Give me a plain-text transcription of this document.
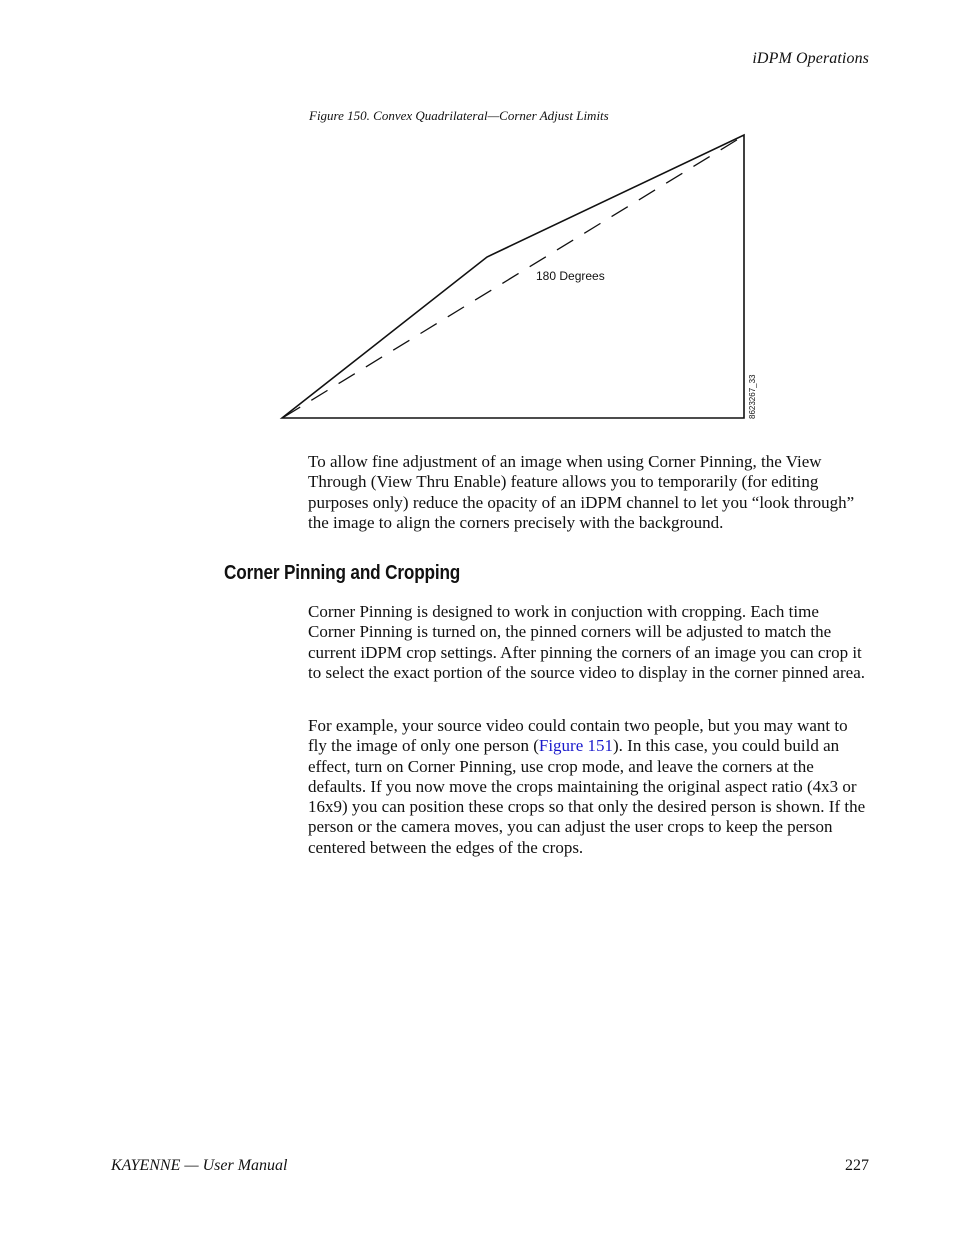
iDPM Operations
Figure 150. Convex Quadrilateral—Corner Adjust Limits
180 Degrees
8623267_33

To allow fine adjustment of an image when using Corner Pinning, the View Through (View Thru Enable) feature allows you to temporarily (for editing purposes only) reduce the opacity of an iDPM channel to let you “look through” the image to align the corners precisely with the background.

Corner Pinning and Cropping

Corner Pinning is designed to work in conjuction with cropping. Each time Corner Pinning is turned on, the pinned corners will be adjusted to match the current iDPM crop settings. After pinning the corners of an image you can crop it to select the exact portion of the source video to display in the corner pinned area.

For example, your source video could contain two people, but you may want to fly the image of only one person (Figure 151). In this case, you could build an effect, turn on Corner Pinning, use crop mode, and leave the corners at the defaults. If you now move the crops maintaining the original aspect ratio (4x3 or 16x9) you can position these crops so that only the desired person is shown. If the person or the camera moves, you can adjust the user crops to keep the person centered between the edges of the crops.

KAYENNE — User Manual	227
